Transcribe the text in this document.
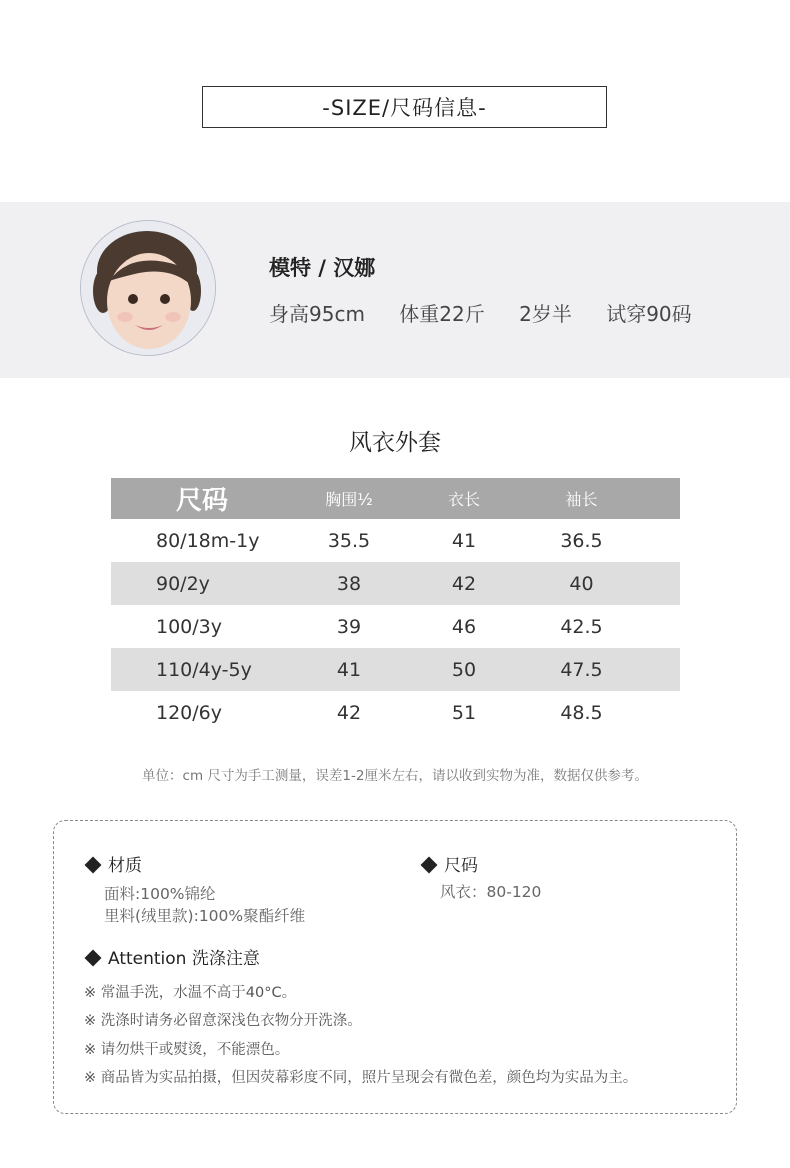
-SIZE/尺码信息-
模特 / 汉娜
身高95cm 体重22斤 2岁半 试穿90码
风衣外套
尺码	胸围½	衣长	袖长
80/18m-1y	35.5	41	36.5
90/2y	38	42	40
100/3y	39	46	42.5
110/4y-5y	41	50	47.5
120/6y	42	51	48.5
单位：cm 尺寸为手工测量，误差1-2厘米左右，请以收到实物为准，数据仅供参考。
材质
面料:100%锦纶
里料(绒里款):100%聚酯纤维
尺码
风衣：80-120
Attention 洗涤注意
※ 常温手洗，水温不高于40°C。
※ 洗涤时请务必留意深浅色衣物分开洗涤。
※ 请勿烘干或熨烫，不能漂色。
※ 商品皆为实品拍摄，但因荧幕彩度不同，照片呈现会有微色差，颜色均为实品为主。
